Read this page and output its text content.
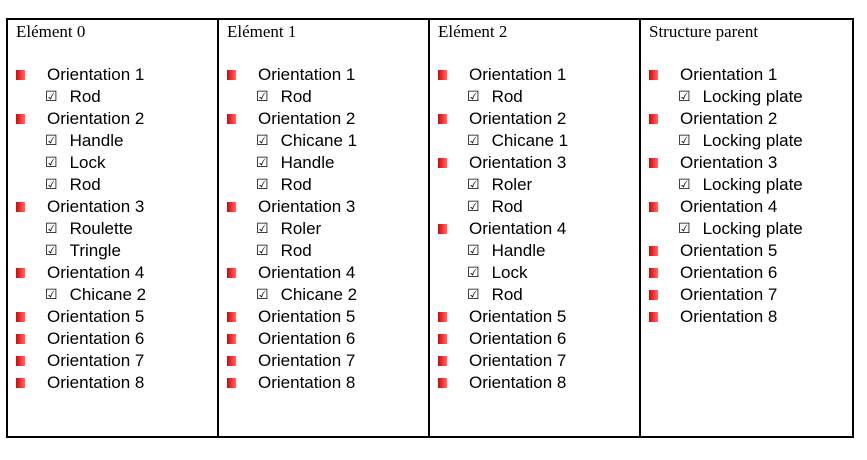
Elément 0
Orientation 1
☑ Rod
Orientation 2
☑ Handle
☑ Lock
☑ Rod
Orientation 3
☑ Roulette
☑ Tringle
Orientation 4
☑ Chicane 2
Orientation 5
Orientation 6
Orientation 7
Orientation 8
Elément 1
Orientation 1
☑ Rod
Orientation 2
☑ Chicane 1
☑ Handle
☑ Rod
Orientation 3
☑ Roler
☑ Rod
Orientation 4
☑ Chicane 2
Orientation 5
Orientation 6
Orientation 7
Orientation 8
Elément 2
Orientation 1
☑ Rod
Orientation 2
☑ Chicane 1
Orientation 3
☑ Roler
☑ Rod
Orientation 4
☑ Handle
☑ Lock
☑ Rod
Orientation 5
Orientation 6
Orientation 7
Orientation 8
Structure parent
Orientation 1
☑ Locking plate
Orientation 2
☑ Locking plate
Orientation 3
☑ Locking plate
Orientation 4
☑ Locking plate
Orientation 5
Orientation 6
Orientation 7
Orientation 8
